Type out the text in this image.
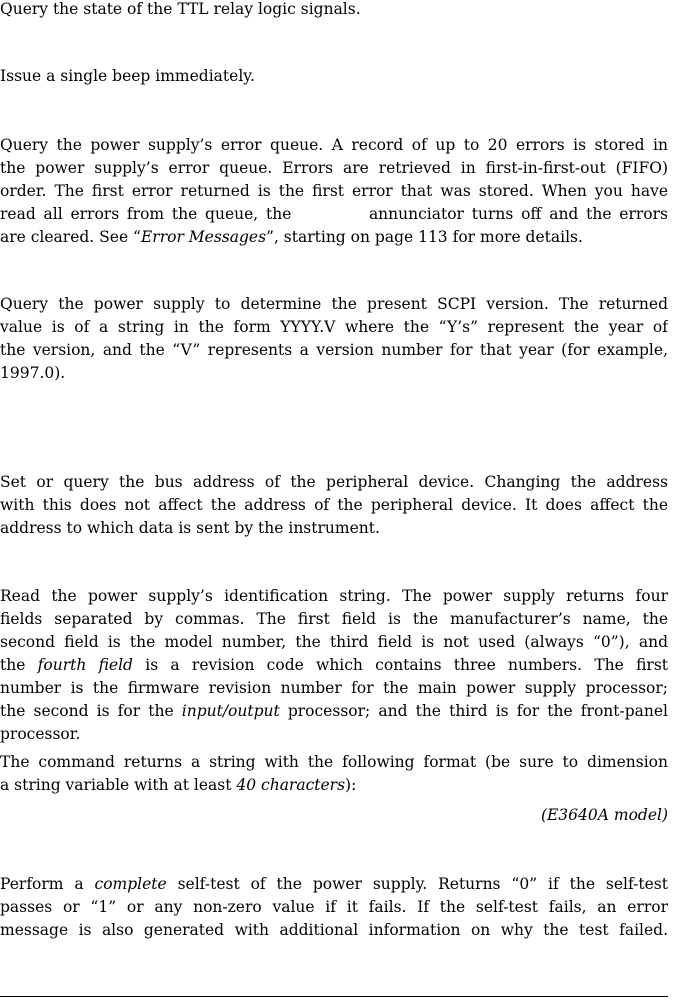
Query the state of the TTL relay logic signals.
Issue a single beep immediately.
Query the power supply’s error queue. A record of up to 20 errors is stored in
the power supply’s error queue. Errors are retrieved in first-in-first-out (FIFO)
order. The first error returned is the first error that was stored. When you have
read all errors from the queue, the	annunciator turns off and the errors
are cleared. See “Error Messages”, starting on page 113 for more details.
Query the power supply to determine the present SCPI version. The returned
value is of a string in the form YYYY.V where the “Y’s” represent the year of
the version, and the “V” represents a version number for that year (for example,
1997.0).
Set or query the bus address of the peripheral device. Changing the address
with this does not affect the address of the peripheral device. It does affect the
address to which data is sent by the instrument.
Read the power supply’s identification string. The power supply returns four
fields separated by commas. The first field is the manufacturer’s name, the
second field is the model number, the third field is not used (always “0”), and
the fourth field is a revision code which contains three numbers. The first
number is the firmware revision number for the main power supply processor;
the second is for the input/output processor; and the third is for the front-panel
processor.
The command returns a string with the following format (be sure to dimension
a string variable with at least 40 characters):
(E3640A model)
Perform a complete self-test of the power supply. Returns “0” if the self-test
passes or “1” or any non-zero value if it fails. If the self-test fails, an error
message is also generated with additional information on why the test failed.
